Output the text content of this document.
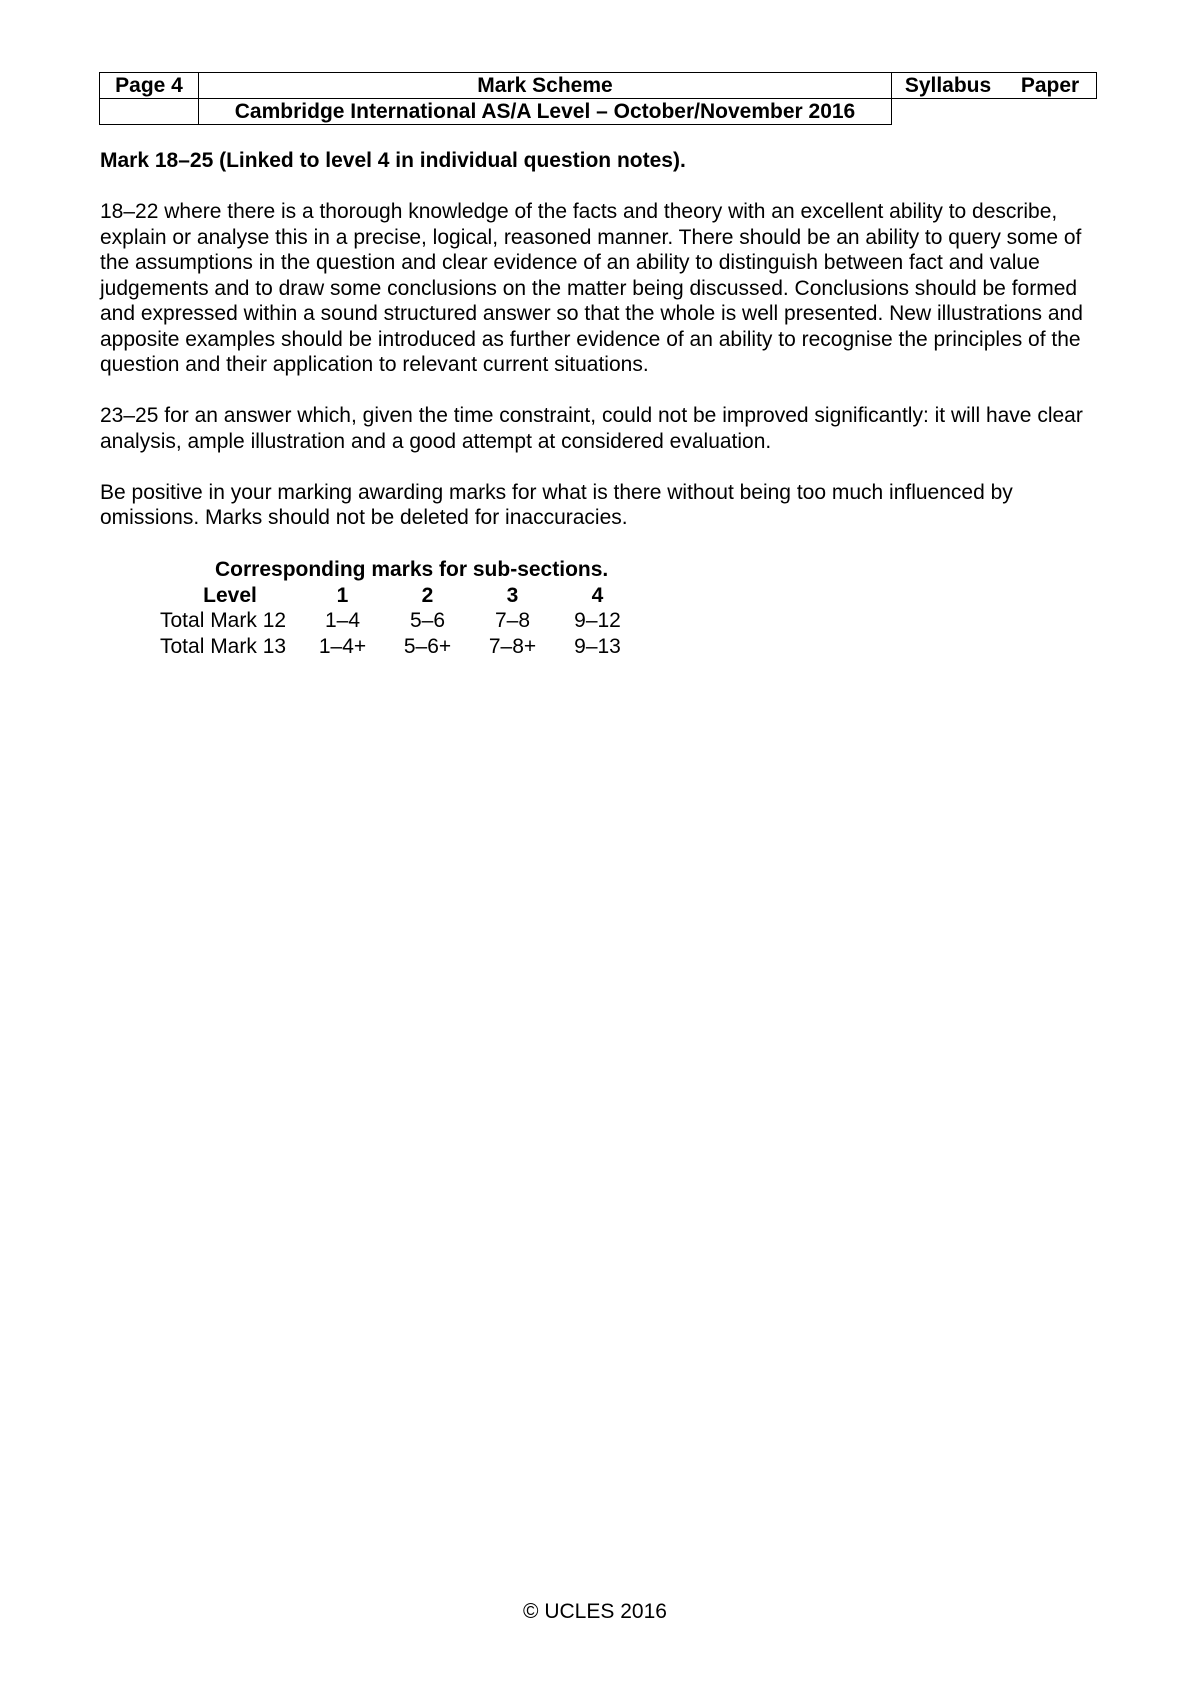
Page 4	Mark Scheme	Syllabus	Paper
	Cambridge International AS/A Level – October/November 2016		

Mark 18–25 (Linked to level 4 in individual question notes).

18–22 where there is a thorough knowledge of the facts and theory with an excellent ability to describe, explain or analyse this in a precise, logical, reasoned manner. There should be an ability to query some of the assumptions in the question and clear evidence of an ability to distinguish between fact and value judgements and to draw some conclusions on the matter being discussed. Conclusions should be formed and expressed within a sound structured answer so that the whole is well presented. New illustrations and apposite examples should be introduced as further evidence of an ability to recognise the principles of the question and their application to relevant current situations.

23–25 for an answer which, given the time constraint, could not be improved significantly: it will have clear analysis, ample illustration and a good attempt at considered evaluation.

Be positive in your marking awarding marks for what is there without being too much influenced by omissions. Marks should not be deleted for inaccuracies.

Corresponding marks for sub-sections.
Level	1	2	3	4
Total Mark 12	1–4	5–6	7–8	9–12
Total Mark 13	1–4+	5–6+	7–8+	9–13
© UCLES 2016
